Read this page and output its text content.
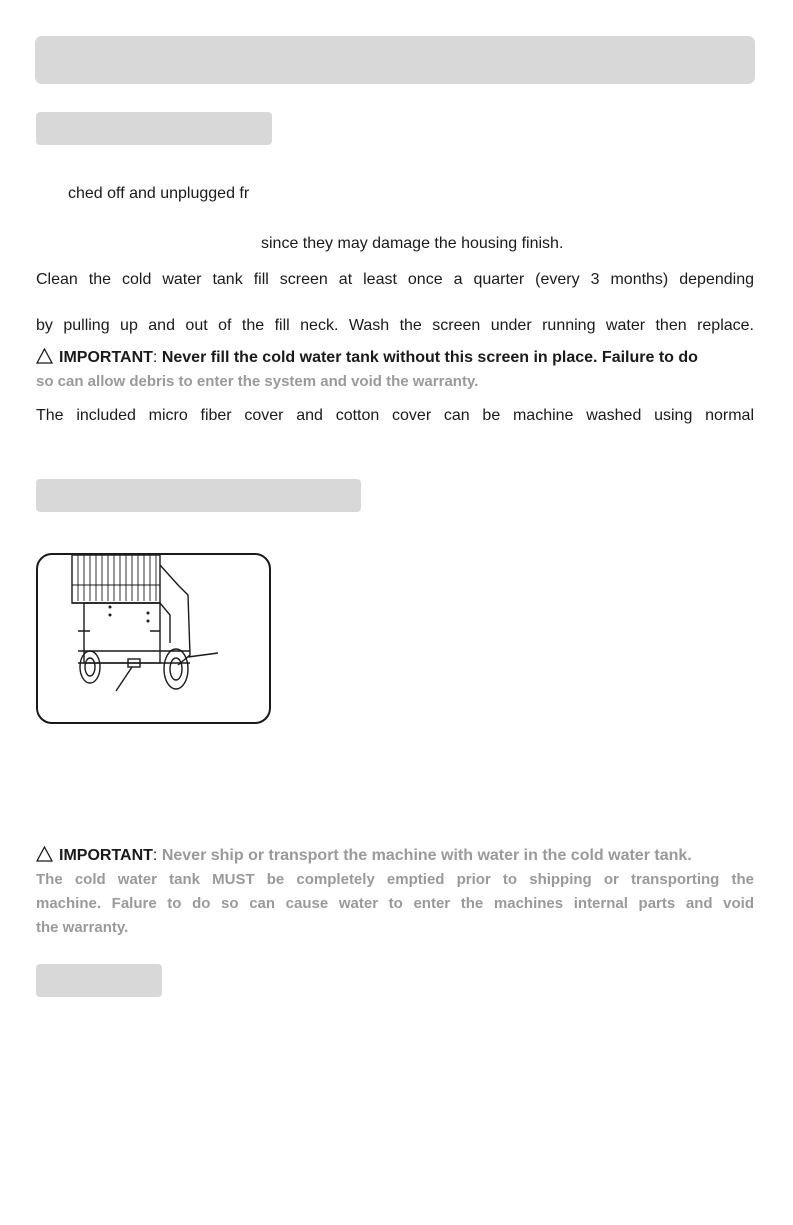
ched off and unplugged fr
since they may damage the housing finish.
Clean the cold water tank fill screen at least once a quarter (every 3 months) depending
by pulling up and out of the fill neck. Wash the screen under running water then replace.
IMPORTANT: Never fill the cold water tank without this screen in place. Failure to do
so can allow debris to enter the system and void the warranty.
The included micro fiber cover and cotton cover can be machine washed using normal
IMPORTANT: Never ship or transport the machine with water in the cold water tank.
The cold water tank MUST be completely emptied prior to shipping or transporting the
machine. Falure to do so can cause water to enter the machines internal parts and void
the warranty.
